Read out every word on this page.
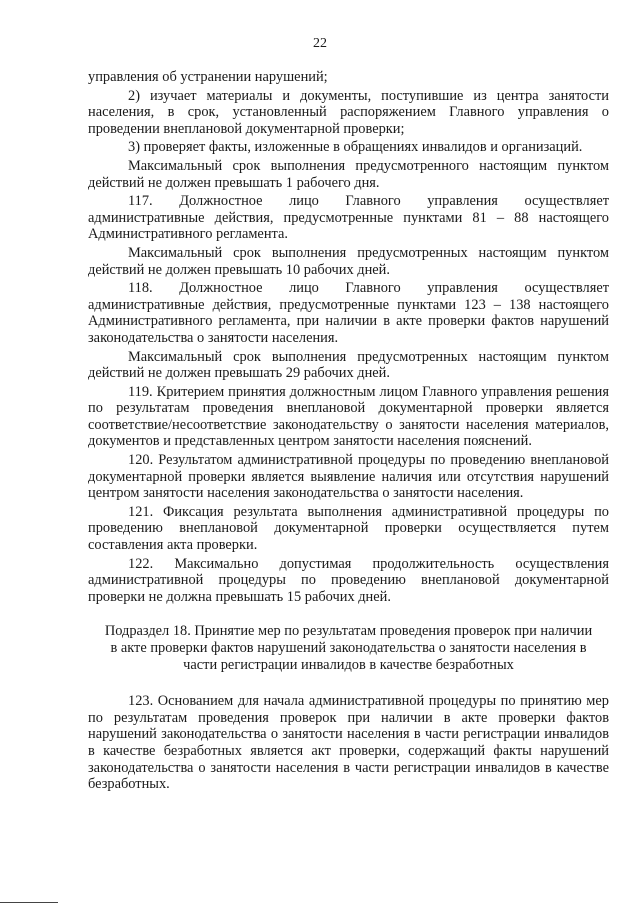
22

управления об устранении нарушений;

2) изучает материалы и документы, поступившие из центра занятости населения, в срок, установленный распоряжением Главного управления о проведении внеплановой документарной проверки;

3) проверяет факты, изложенные в обращениях инвалидов и организаций.

Максимальный срок выполнения предусмотренного настоящим пунктом действий не должен превышать 1 рабочего дня.

117. Должностное лицо Главного управления осуществляет административные действия, предусмотренные пунктами 81 – 88 настоящего Административного регламента.

Максимальный срок выполнения предусмотренных настоящим пунктом действий не должен превышать 10 рабочих дней.

118. Должностное лицо Главного управления осуществляет административные действия, предусмотренные пунктами 123 – 138 настоящего Административного регламента, при наличии в акте проверки фактов нарушений законодательства о занятости населения.

Максимальный срок выполнения предусмотренных настоящим пунктом действий не должен превышать 29 рабочих дней.

119. Критерием принятия должностным лицом Главного управления решения по результатам проведения внеплановой документарной проверки является соответствие/несоответствие законодательству о занятости населения материалов, документов и представленных центром занятости населения пояснений.

120. Результатом административной процедуры по проведению внеплановой документарной проверки является выявление наличия или отсутствия нарушений центром занятости населения законодательства о занятости населения.

121. Фиксация результата выполнения административной процедуры по проведению внеплановой документарной проверки осуществляется путем составления акта проверки.

122. Максимально допустимая продолжительность осуществления административной процедуры по проведению внеплановой документарной проверки не должна превышать 15 рабочих дней.

Подраздел 18. Принятие мер по результатам проведения проверок при наличии в акте проверки фактов нарушений законодательства о занятости населения в части регистрации инвалидов в качестве безработных

123. Основанием для начала административной процедуры по принятию мер по результатам проведения проверок при наличии в акте проверки фактов нарушений законодательства о занятости населения в части регистрации инвалидов в качестве безработных является акт проверки, содержащий факты нарушений законодательства о занятости населения в части регистрации инвалидов в качестве безработных.
